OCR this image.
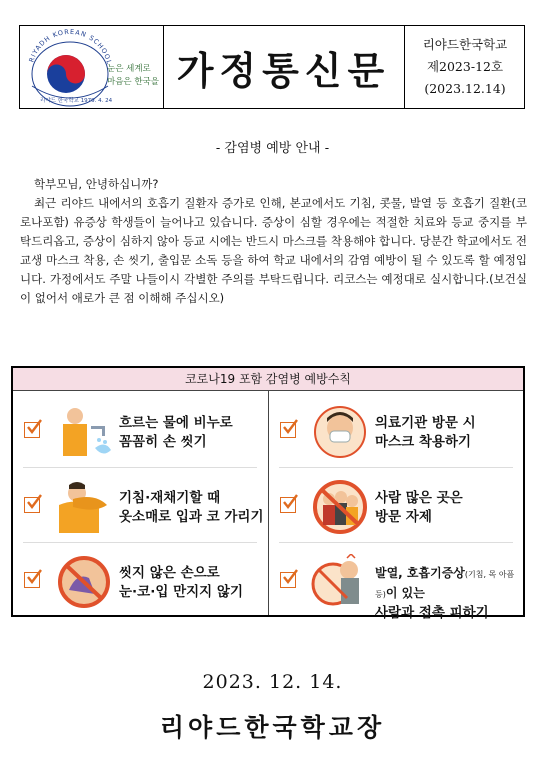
RIYADH KOREAN SCHOOL
리야드 한국학교 1979. 4. 24
눈은 세계로
마음은 한국을 가정통신문
리야드한국학교
제2023-12호
(2023.12.14)
- 감염병 예방 안내 -
학부모님, 안녕하십니까?
최근 리야드 내에서의 호흡기 질환자 증가로 인해, 본교에서도 기침, 콧물, 발열 등 호흡기 질환(코로나포함) 유증상 학생들이 늘어나고 있습니다. 증상이 심할 경우에는 적절한 치료와 등교 중지를 부탁드리옵고, 증상이 심하지 않아 등교 시에는 반드시 마스크를 착용해야 합니다. 당분간 학교에서도 전교생 마스크 착용, 손 씻기, 출입문 소독 등을 하여 학교 내에서의 감염 예방이 될 수 있도록 할 예정입니다. 가정에서도 주말 나들이시 각별한 주의를 부탁드립니다. 리코스는 예정대로 실시합니다.(보건실이 없어서 애로가 큰 점 이해해 주십시오)
코로나19 포함 감염병 예방수칙
흐르는 물에 비누로
꼼꼼히 손 씻기
기침·재채기할 때
옷소매로 입과 코 가리기
씻지 않은 손으로
눈·코·입 만지지 않기
의료기관 방문 시
마스크 착용하기
사람 많은 곳은
방문 자제
발열, 호흡기증상(기침, 목 아픔 등)이 있는
사람과 접촉 피하기
2023. 12. 14.
리야드한국학교장
